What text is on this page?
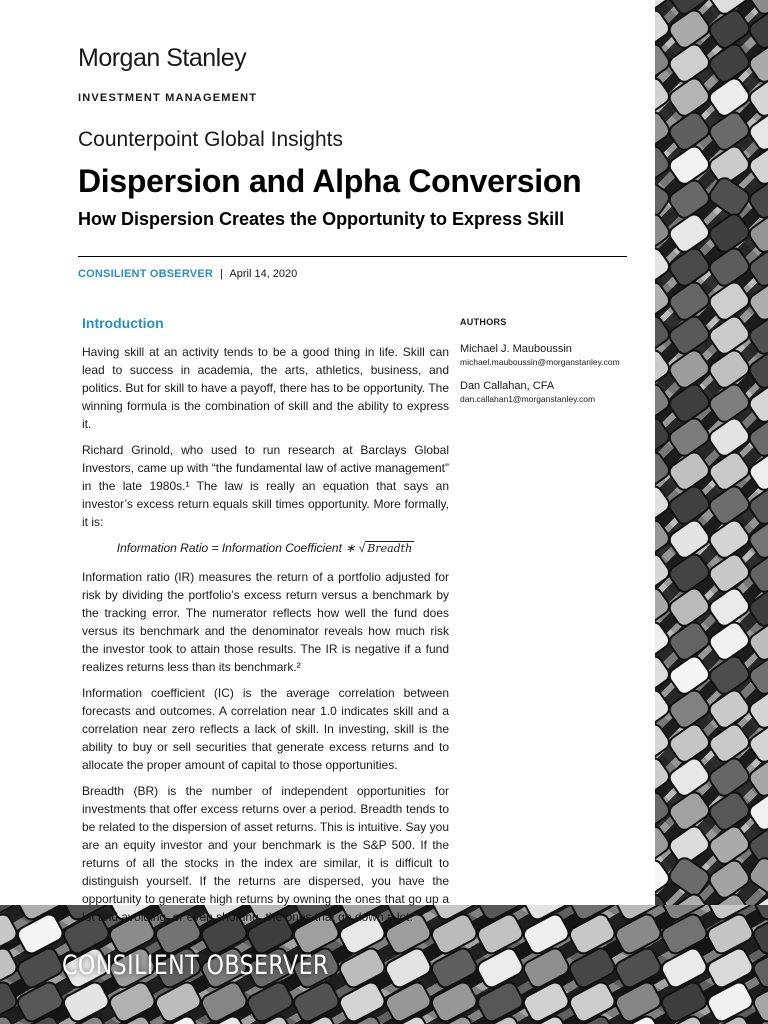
Morgan Stanley
INVESTMENT MANAGEMENT
Counterpoint Global Insights
Dispersion and Alpha Conversion
How Dispersion Creates the Opportunity to Express Skill
CONSILIENT OBSERVER | April 14, 2020
Introduction

Having skill at an activity tends to be a good thing in life. Skill can lead to success in academia, the arts, athletics, business, and politics. But for skill to have a payoff, there has to be opportunity. The winning formula is the combination of skill and the ability to express it.

Richard Grinold, who used to run research at Barclays Global Investors, came up with “the fundamental law of active management” in the late 1980s.¹ The law is really an equation that says an investor’s excess return equals skill times opportunity. More formally, it is:

Information Ratio = Information Coefficient ∗ √ Breadth

Information ratio (IR) measures the return of a portfolio adjusted for risk by dividing the portfolio’s excess return versus a benchmark by the tracking error. The numerator reflects how well the fund does versus its benchmark and the denominator reveals how much risk the investor took to attain those results. The IR is negative if a fund realizes returns less than its benchmark.²

Information coefficient (IC) is the average correlation between forecasts and outcomes. A correlation near 1.0 indicates skill and a correlation near zero reflects a lack of skill. In investing, skill is the ability to buy or sell securities that generate excess returns and to allocate the proper amount of capital to those opportunities.

Breadth (BR) is the number of independent opportunities for investments that offer excess returns over a period. Breadth tends to be related to the dispersion of asset returns. This is intuitive. Say you are an equity investor and your benchmark is the S&P 500. If the returns of all the stocks in the index are similar, it is difficult to distinguish yourself. If the returns are dispersed, you have the opportunity to generate high returns by owning the ones that go up a lot and avoiding, or even shorting, the ones that go down a lot.

AUTHORS
Michael J. Mauboussin
michael.mauboussin@morganstanley.com
Dan Callahan, CFA
dan.callahan1@morganstanley.com
CONSILIENT OBSERVER
